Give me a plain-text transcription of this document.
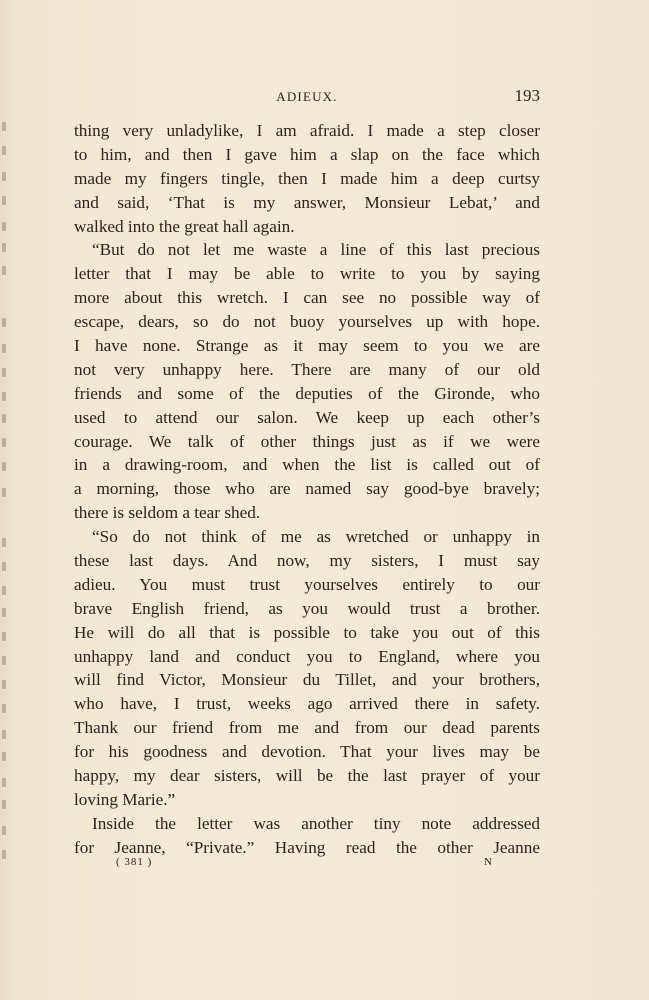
ADIEUX.	193
thing very unladylike, I am afraid. I made a step closer
to him, and then I gave him a slap on the face which
made my fingers tingle, then I made him a deep curtsy
and said, ‘That is my answer, Monsieur Lebat,’ and
walked into the great hall again.
“But do not let me waste a line of this last precious
letter that I may be able to write to you by saying
more about this wretch. I can see no possible way of
escape, dears, so do not buoy yourselves up with hope.
I have none. Strange as it may seem to you we are
not very unhappy here. There are many of our old
friends and some of the deputies of the Gironde, who
used to attend our salon. We keep up each other’s
courage. We talk of other things just as if we were
in a drawing-room, and when the list is called out of
a morning, those who are named say good-bye bravely;
there is seldom a tear shed.
“So do not think of me as wretched or unhappy in
these last days. And now, my sisters, I must say
adieu. You must trust yourselves entirely to our
brave English friend, as you would trust a brother.
He will do all that is possible to take you out of this
unhappy land and conduct you to England, where you
will find Victor, Monsieur du Tillet, and your brothers,
who have, I trust, weeks ago arrived there in safety.
Thank our friend from me and from our dead parents
for his goodness and devotion. That your lives may be
happy, my dear sisters, will be the last prayer of your
loving Marie.”
Inside the letter was another tiny note addressed
for Jeanne, “Private.” Having read the other Jeanne
( 381 )	N
